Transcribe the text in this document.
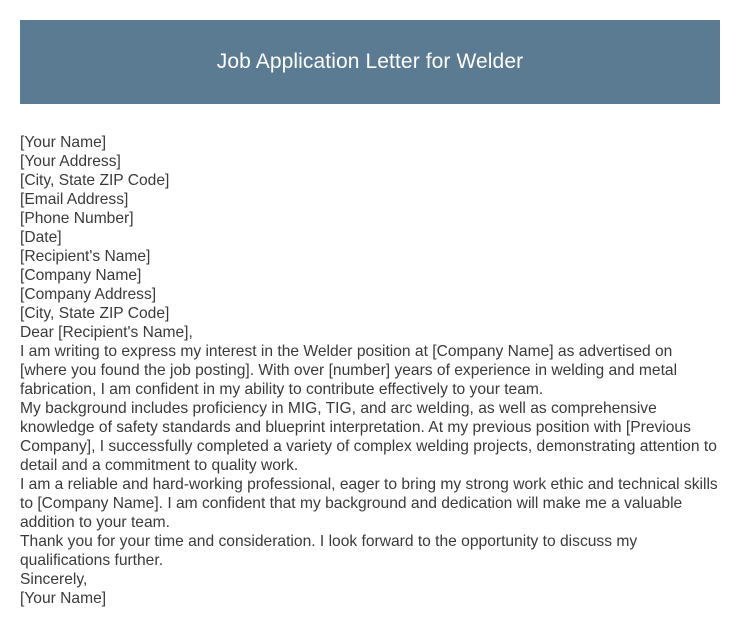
Job Application Letter for Welder
[Your Name]
[Your Address]
[City, State ZIP Code]
[Email Address]
[Phone Number]
[Date]
[Recipient's Name]
[Company Name]
[Company Address]
[City, State ZIP Code]
Dear [Recipient's Name],
I am writing to express my interest in the Welder position at [Company Name] as advertised on [where you found the job posting]. With over [number] years of experience in welding and metal fabrication, I am confident in my ability to contribute effectively to your team.
My background includes proficiency in MIG, TIG, and arc welding, as well as comprehensive knowledge of safety standards and blueprint interpretation. At my previous position with [Previous Company], I successfully completed a variety of complex welding projects, demonstrating attention to detail and a commitment to quality work.
I am a reliable and hard-working professional, eager to bring my strong work ethic and technical skills to [Company Name]. I am confident that my background and dedication will make me a valuable addition to your team.
Thank you for your time and consideration. I look forward to the opportunity to discuss my qualifications further.
Sincerely,
[Your Name]
